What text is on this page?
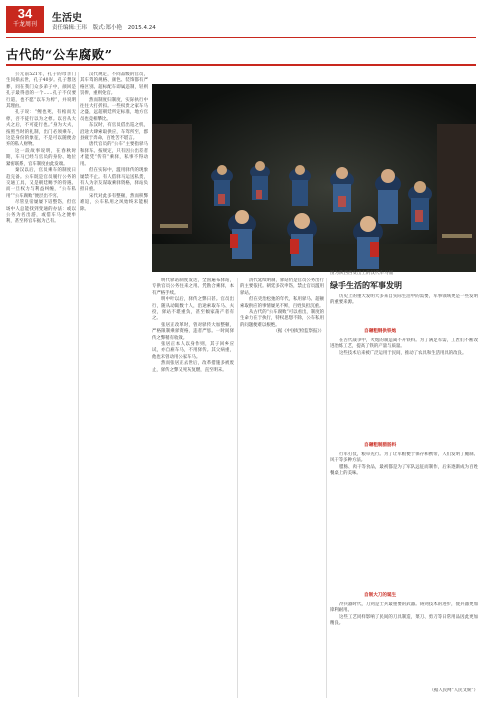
34
千龙周刊
生活史
责任编辑:王玮 版式:郑小艳 2015.4.24
古代的“公车腐败”

公元前521年，孔子的母亲门生闵损去世，孔子40岁。孔子想送葬，同在我门众多弟子中，颜回是孔子最得意的一个……孔子不仅要行道，也不愿“以车为椁”，并说明其理由。

孔子说：“鲤也死，有棺而无椁，吾不徒行以为之椁。以吾从大夫之后，不可徒行也。”身为大夫，按照当时的礼制，出门必须乘车，这是身份的象征，不是可以随便舍弃的私人财物。

这一段故事说明，在春秋时期，车马已经与官员的身份、地位紧密联系，官车制度由此发端。

秦汉以后，官员乘车的制度日趋完备。公车既是官员履行公务的交通工具，又是朝廷赐予的待遇。而一旦权力与利益纠缠，“公车私用”“公车腐败”便层出不穷。

尽管皇帝屡屡下诏整饬，但官场中人总能找到变通的办法：或以公务为名出游，或借车马之便牟利，甚至将官车据为己有。

汉代规定，不同品级的官员，其车驾的规格、颜色、装饰都有严格区别。超标配车即属违制，轻则罚俸，重则免官。

然而制度归制度，实际执行中往往大打折扣。一些权贵之家车马之盛，远超朝廷所定标准，地方官员也竞相攀比。

东汉时，有官员借出巡之机，沿途大肆索取供应，车驾所至，郡县疲于奔命，百姓苦不堪言。

唐代官员的“公车”主要指驿马和驿车。按规定，只有因公出差者才能凭“传符”乘驿，私事不得动用。

但在实际中，滥用驿传的现象屡禁不止。有人借驿马运送私货，有人为亲友谋取乘驿资格，驿站负担日重。

宋代对此多有整顿，然而积弊难返，公车私用之风始终未能根除。

图为陕西西安出土的汉代车马俑

明代驿站制度发达，全国遍布驿站，专供官员公务往来之用。凭勘合乘驿，本有严格手续。

明中叶以后，驿传之弊日甚。官员出行，随从动辄数十人，沿途索取车马、夫役，驿站不堪重负，甚至倾家荡产者有之。

张居正改革时，曾对驿传大加整顿，严格限制乘驿资格，违者严惩。一时间驿传之弊稍有收敛。

张居正本人以身作则，其子回乡应试，亦自雇车马，不用驿传。其父病重，他也未曾动用公家车马。

然而张居正去世后，改革措施多被废止，驿传之弊又死灰复燃，直至明末。

清代延续明制，驿站仍是官员公务出行的主要依托。朝廷多次申饬，禁止官员滥用驿站。

但在吏治松弛的年代，私用驿马、超额索取供应的事情屡见不鲜，百姓负担沉重。

从古代的“公车腐败”可以看出，制度的生命力在于执行，特权思想不除，公车私用的问题便难以根绝。

（据《中国纪检监察报》）

绿手生活的军事发明

历史上的重大发明大多来自实际生活中的需要，军事领域更是一些发明的重要来源。

自碾粗钢供铁炮

在古代战争中，火炮的制造离不开铁料。为了满足军需，工匠们不断改进冶炼工艺，提高了铁的产量与质量。

这些技术后来被广泛运用于民间，推动了农具和生活用具的改良。

自碾粗制腊肠料

行军打仗，粮草先行。为了让军粮便于保存和携带，人们发明了腌制、风干等多种方法。

腊肠、肉干等食品，最初都是为了军队远征而制作，后来逐渐成为百姓餐桌上的美味。

自制大刀的诞生

冷兵器时代，刀剑是士兵最重要的武器。铸剑技术的进步，使兵器更加锋利耐用。

这些工艺同样影响了民间的刀具制造，菜刀、剪刀等日常用品因此更加精良。

（据人民网“人民文娱”）
